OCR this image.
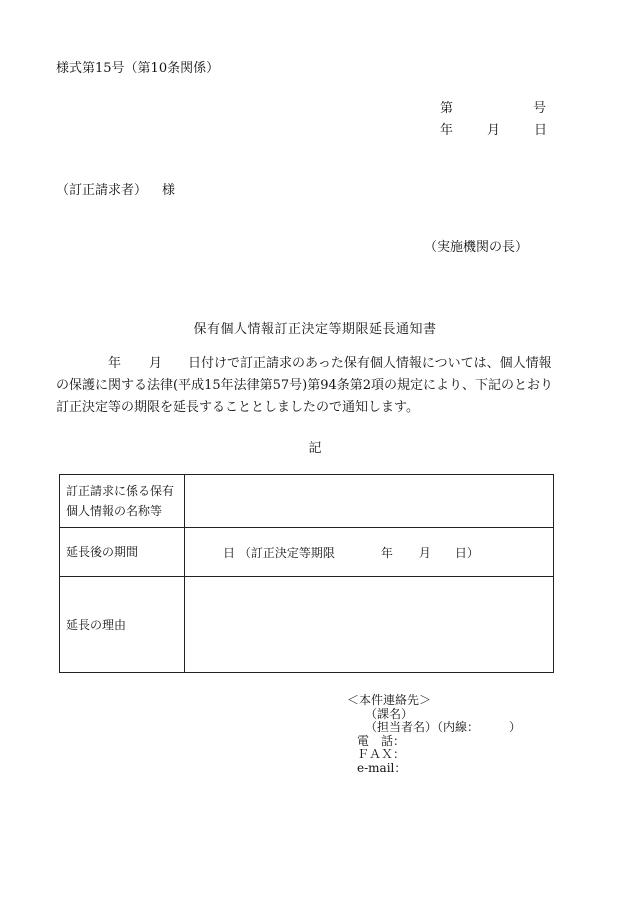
様式第15号（第10条関係）
第	号
年	月	日
（訂正請求者） 様
（実施機関の長）
保有個人情報訂正決定等期限延長通知書
年 月 日付けで訂正請求のあった保有個人情報については、個人情報
の保護に関する法律(平成15年法律第57号)第94条第2項の規定により、下記のとおり
訂正決定等の期限を延長することとしましたので通知します。
記
訂正請求に係る保有
個人情報の名称等	

延長後の期間	日 （訂正決定等期限 年 月 日）
延長の理由	
＜本件連絡先＞
（課名）
（担当者名）（内線：	）
電　話：
ＦＡＸ：
e-mail：
